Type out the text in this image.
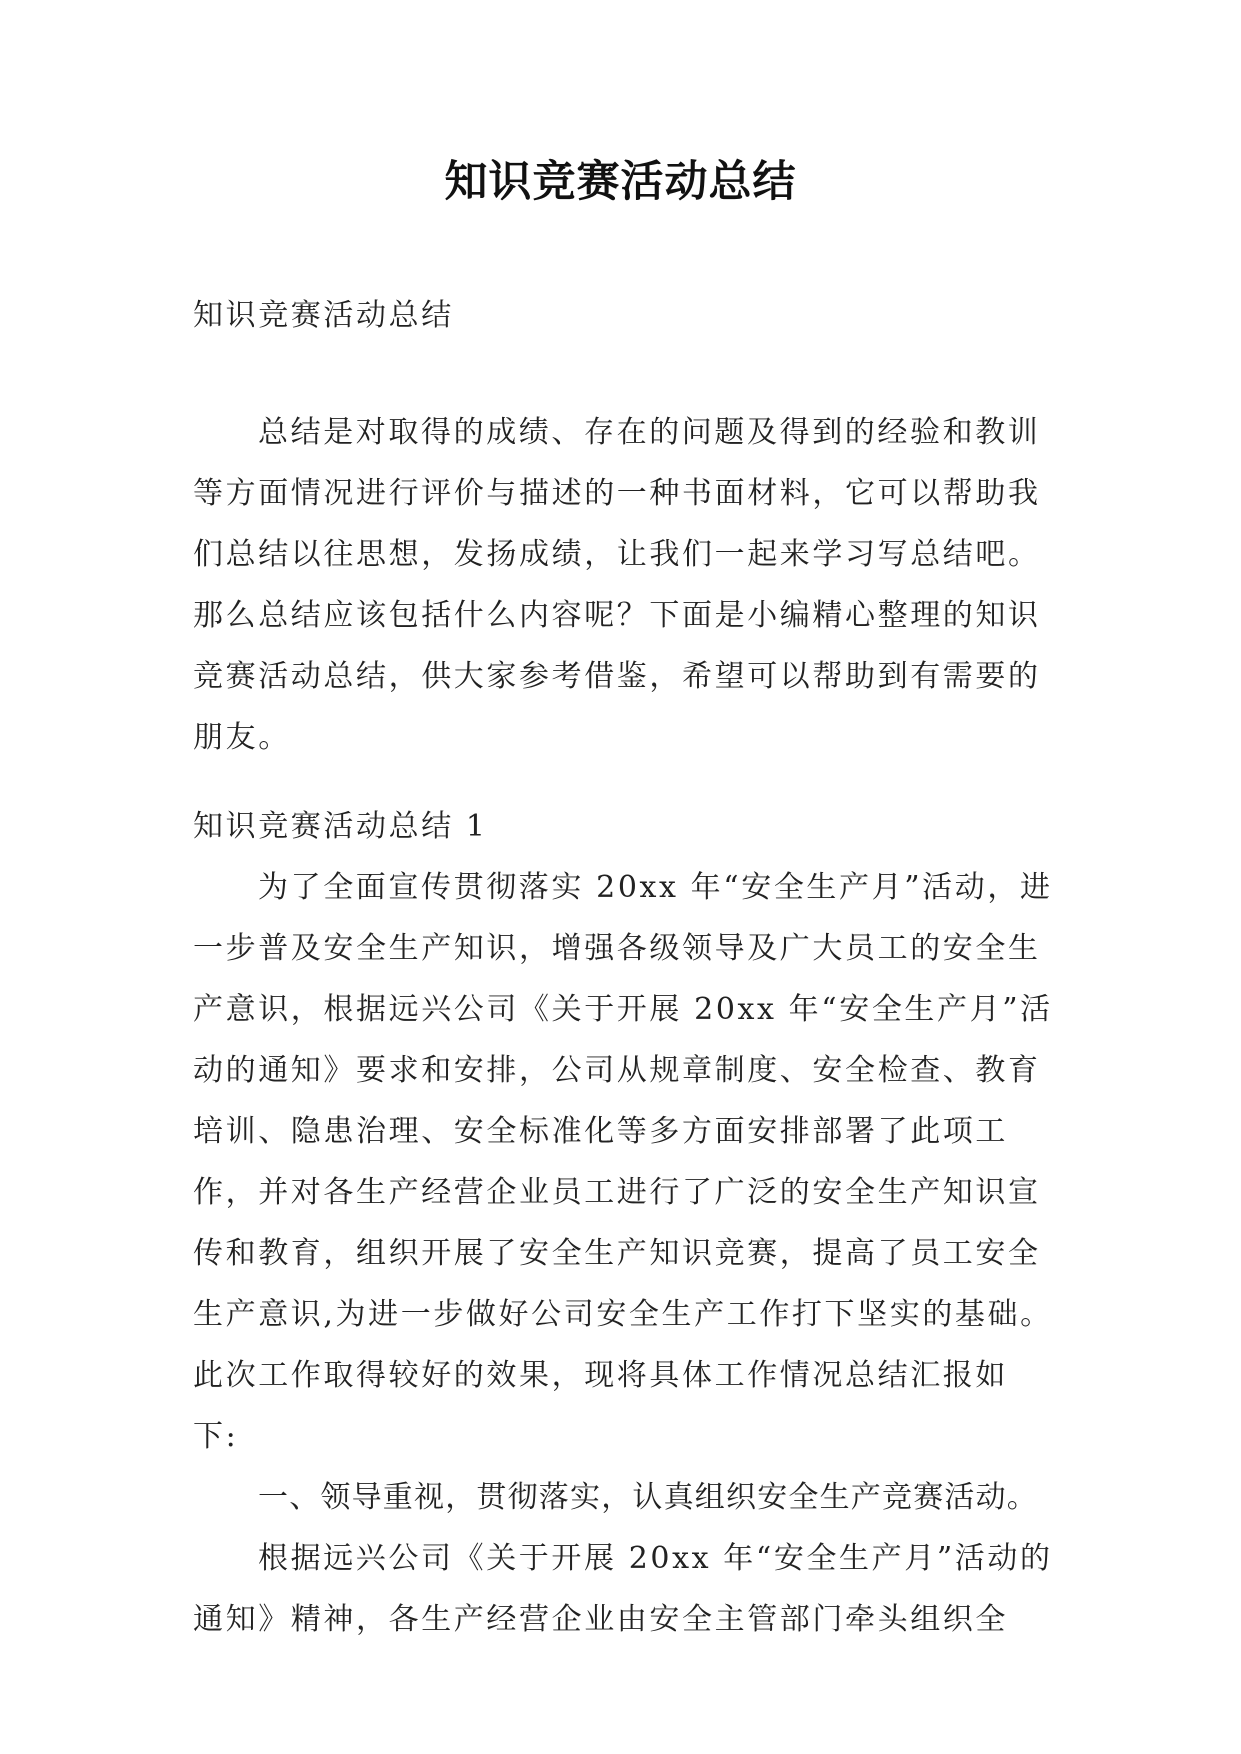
知识竞赛活动总结
知识竞赛活动总结
总结是对取得的成绩、存在的问题及得到的经验和教训等方面情况进行评价与描述的一种书面材料，它可以帮助我们总结以往思想，发扬成绩，让我们一起来学习写总结吧。那么总结应该包括什么内容呢？下面是小编精心整理的知识竞赛活动总结，供大家参考借鉴，希望可以帮助到有需要的朋友。
知识竞赛活动总结 1

为了全面宣传贯彻落实 20xx 年“安全生产月”活动，进一步普及安全生产知识，增强各级领导及广大员工的安全生产意识，根据远兴公司《关于开展 20xx 年“安全生产月”活动的通知》要求和安排，公司从规章制度、安全检查、教育培训、隐患治理、安全标准化等多方面安排部署了此项工作，并对各生产经营企业员工进行了广泛的安全生产知识宣传和教育，组织开展了安全生产知识竞赛，提高了员工安全生产意识,为进一步做好公司安全生产工作打下坚实的基础。此次工作取得较好的效果，现将具体工作情况总结汇报如下:

一、领导重视，贯彻落实，认真组织安全生产竞赛活动。

根据远兴公司《关于开展 20xx 年“安全生产月”活动的通知》精神，各生产经营企业由安全主管部门牵头组织全
